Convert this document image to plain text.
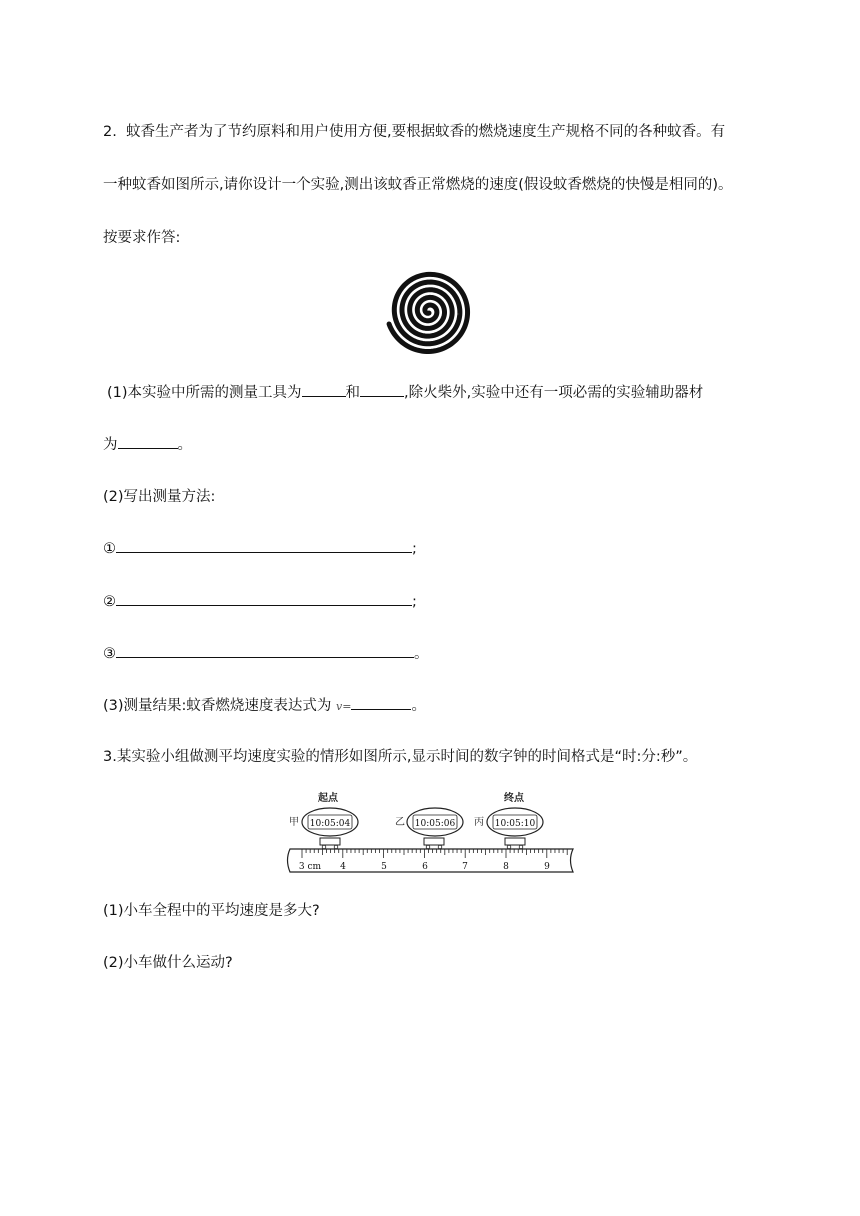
2. 蚊香生产者为了节约原料和用户使用方便,要根据蚊香的燃烧速度生产规格不同的各种蚊香。有
一种蚊香如图所示,请你设计一个实验,测出该蚊香正常燃烧的速度(假设蚊香燃烧的快慢是相同的)。
按要求作答:
(1)本实验中所需的测量工具为	和	,除火柴外,实验中还有一项必需的实验辅助器材
为	。
(2)写出测量方法:
①	;
②	;
③	。
(3)测量结果:蚊香燃烧速度表达式为 v=	。
3.某实验小组做测平均速度实验的情形如图所示,显示时间的数字钟的时间格式是“时:分:秒”。
起点	终点
甲 10:05:04	乙 10:05:06 丙 10:05:10
3 cm 4	5	6	7	8	9
(1)小车全程中的平均速度是多大?
(2)小车做什么运动?
